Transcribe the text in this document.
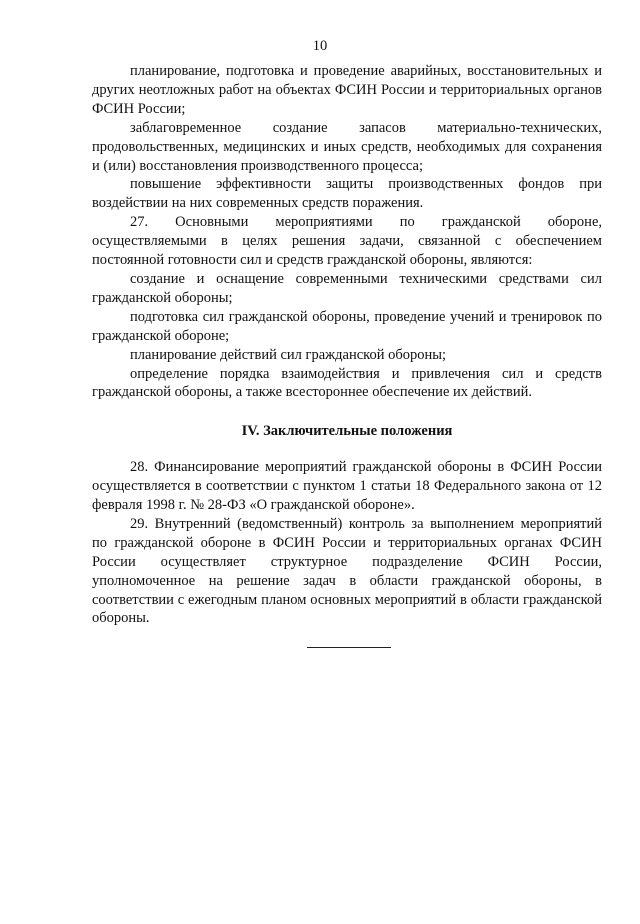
10

планирование, подготовка и проведение аварийных, восстановительных и других неотложных работ на объектах ФСИН России и территориальных органов ФСИН России;

заблаговременное создание запасов материально-технических, продовольственных, медицинских и иных средств, необходимых для сохранения и (или) восстановления производственного процесса;

повышение эффективности защиты производственных фондов при воздействии на них современных средств поражения.

27. Основными мероприятиями по гражданской обороне, осуществляемыми в целях решения задачи, связанной с обеспечением постоянной готовности сил и средств гражданской обороны, являются:

создание и оснащение современными техническими средствами сил гражданской обороны;

подготовка сил гражданской обороны, проведение учений и тренировок по гражданской обороне;

планирование действий сил гражданской обороны;

определение порядка взаимодействия и привлечения сил и средств гражданской обороны, а также всестороннее обеспечение их действий.

IV. Заключительные положения

28. Финансирование мероприятий гражданской обороны в ФСИН России осуществляется в соответствии с пунктом 1 статьи 18 Федерального закона от 12 февраля 1998 г. № 28-ФЗ «О гражданской обороне».

29. Внутренний (ведомственный) контроль за выполнением мероприятий по гражданской обороне в ФСИН России и территориальных органах ФСИН России осуществляет структурное подразделение ФСИН России, уполномоченное на решение задач в области гражданской обороны, в соответствии с ежегодным планом основных мероприятий в области гражданской обороны.
